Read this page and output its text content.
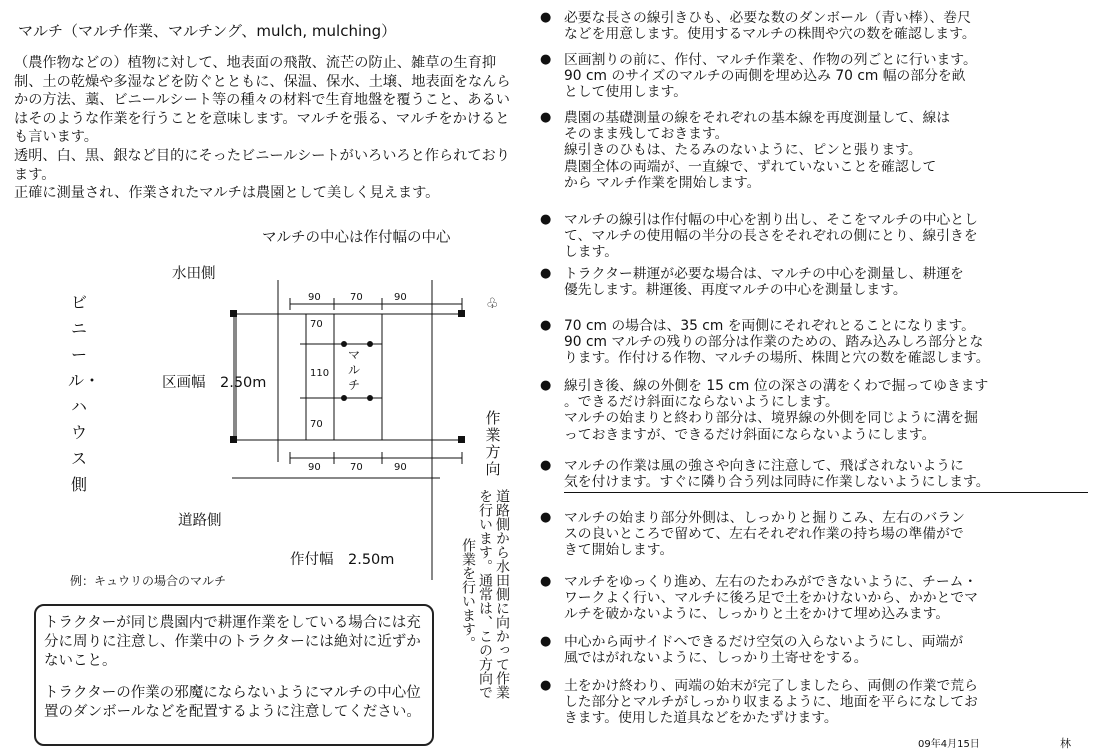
マルチ（マルチ作業、マルチング、mulch, mulching）

（農作物などの）植物に対して、地表面の飛散、流芒の防止、雑草の生育抑制、土の乾燥や多湿などを防ぐとともに、保温、保水、土壌、地表面をなんらかの方法、藁、ビニールシート等の種々の材料で生育地盤を覆うこと、あるいはそのような作業を行うことを意味します。マルチを張る、マルチをかけるとも言います。

透明、白、黒、銀など目的にそったビニールシートがいろいろと作られております。

正確に測量され、作業されたマルチは農園として美しく見えます。

マルチの中心は作付幅の中心
水田側
ビニール・ハウス 側
区画幅　2.50m
道路側
作付幅　2.50m
例：キュウリの場合のマルチ
マルチ
作業方向
♧
道路側から水田側に向かって作業を行います。通常は、この方向で作業を行います。
90	70	90
90	70	90
70
110
70

トラクターが同じ農園内で耕運作業をしている場合には充分に周りに注意し、作業中のトラクターには絶対に近ずかないこと。

トラクターの作業の邪魔にならないようにマルチの中心位置のダンボールなどを配置するように注意してください。

● 必要な長さの線引きひも、必要な数のダンボール（青い棒）、巻尺
などを用意します。使用するマルチの株間や穴の数を確認します。
● 区画割りの前に、作付、マルチ作業を、作物の列ごとに行います。
90 cm のサイズのマルチの両側を埋め込み 70 cm 幅の部分を畝
として使用します。
● 農園の基礎測量の線をそれぞれの基本線を再度測量して、線は
そのまま残しておきます。
線引きのひもは、たるみのないように、ピンと張ります。
農園全体の両端が、一直線で、ずれていないことを確認して
から マルチ作業を開始します。
● マルチの線引は作付幅の中心を割り出し、そこをマルチの中心とし
て、マルチの使用幅の半分の長さをそれぞれの側にとり、線引きを
します。
● トラクター耕運が必要な場合は、マルチの中心を測量し、耕運を
優先します。耕運後、再度マルチの中心を測量します。
● 70 cm の場合は、35 cm を両側にそれぞれとることになります。
90 cm マルチの残りの部分は作業のための、踏み込みしろ部分とな
ります。作付ける作物、マルチの場所、株間と穴の数を確認します。
● 線引き後、線の外側を 15 cm 位の深さの溝をくわで掘ってゆきます
。できるだけ斜面にならないようにします。
マルチの始まりと終わり部分は、境界線の外側を同じように溝を掘
っておきますが、できるだけ斜面にならないようにします。
● マルチの作業は風の強さや向きに注意して、飛ばされないように
気を付けます。すぐに隣り合う列は同時に作業しないようにします。
● マルチの始まり部分外側は、しっかりと掘りこみ、左右のバラン
スの良いところで留めて、左右それぞれ作業の持ち場の準備がで
きて開始します。
● マルチをゆっくり進め、左右のたわみができないように、チーム・
ワークよく行い、マルチに後ろ足で土をかけないから、かかとでマ
ルチを破かないように、しっかりと土をかけて埋め込みます。
● 中心から両サイドへできるだけ空気の入らないようにし、両端が
風ではがれないように、しっかり土寄せをする。
● 土をかけ終わり、両端の始末が完了しましたら、両側の作業で荒ら
した部分とマルチがしっかり収まるように、地面を平らになしてお
きます。使用した道具などをかたずけます。
09年4月15日	林
